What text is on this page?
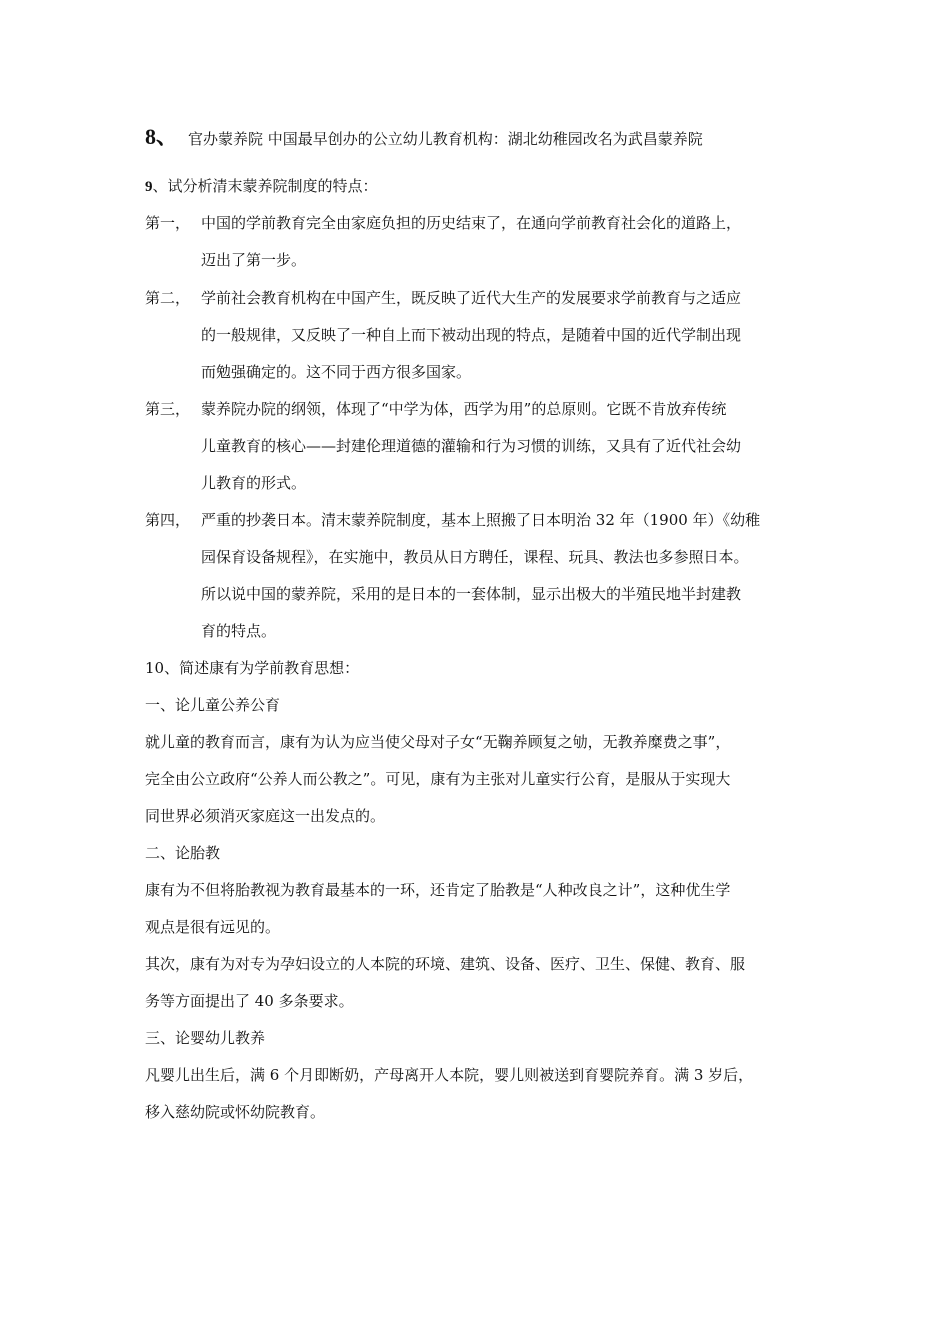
8、 官办蒙养院 中国最早创办的公立幼儿教育机构：湖北幼稚园改名为武昌蒙养院
9、试分析清末蒙养院制度的特点：
第一， 中国的学前教育完全由家庭负担的历史结束了，在通向学前教育社会化的道路上，
迈出了第一步。
第二， 学前社会教育机构在中国产生，既反映了近代大生产的发展要求学前教育与之适应
的一般规律，又反映了一种自上而下被动出现的特点，是随着中国的近代学制出现
而勉强确定的。这不同于西方很多国家。
第三， 蒙养院办院的纲领，体现了“中学为体，西学为用”的总原则。它既不肯放弃传统
儿童教育的核心——封建伦理道德的灌输和行为习惯的训练，又具有了近代社会幼
儿教育的形式。
第四， 严重的抄袭日本。清末蒙养院制度，基本上照搬了日本明治 32 年（1900 年）《幼稚
园保育设备规程》，在实施中，教员从日方聘任，课程、玩具、教法也多参照日本。
所以说中国的蒙养院，采用的是日本的一套体制，显示出极大的半殖民地半封建教
育的特点。
10、简述康有为学前教育思想：
一、论儿童公养公育
就儿童的教育而言，康有为认为应当使父母对子女“无鞠养顾复之劬，无教养糜费之事”，
完全由公立政府“公养人而公教之”。可见，康有为主张对儿童实行公育，是服从于实现大
同世界必须消灭家庭这一出发点的。
二、论胎教
康有为不但将胎教视为教育最基本的一环，还肯定了胎教是“人种改良之计”，这种优生学
观点是很有远见的。
其次，康有为对专为孕妇设立的人本院的环境、建筑、设备、医疗、卫生、保健、教育、服
务等方面提出了 40 多条要求。
三、论婴幼儿教养
凡婴儿出生后，满 6 个月即断奶，产母离开人本院，婴儿则被送到育婴院养育。满 3 岁后，
移入慈幼院或怀幼院教育。
